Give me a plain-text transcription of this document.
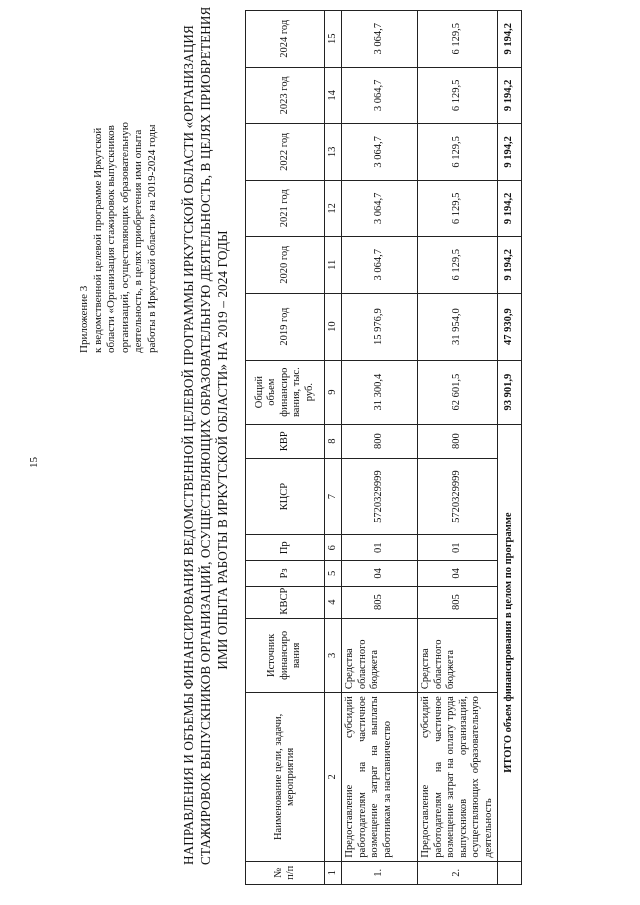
15
Приложение 3 к ведомственной целевой программе Иркутской области «Организация стажировок выпускников организаций, осуществляющих образовательную деятельность, в целях приобретения ими опыта работы в Иркутской области» на 2019-2024 годы НАПРАВЛЕНИЯ И ОБЪЕМЫ ФИНАНСИРОВАНИЯ ВЕДОМСТВЕННОЙ ЦЕЛЕВОЙ ПРОГРАММЫ ИРКУТСКОЙ ОБЛАСТИ «ОРГАНИЗАЦИЯ СТАЖИРОВОК ВЫПУСКНИКОВ ОРГАНИЗАЦИЙ, ОСУЩЕСТВЛЯЮЩИХ ОБРАЗОВАТЕЛЬНУЮ ДЕЯТЕЛЬНОСТЬ, В ЦЕЛЯХ ПРИОБРЕТЕНИЯ ИМИ ОПЫТА РАБОТЫ В ИРКУТСКОЙ ОБЛАСТИ» НА 2019 – 2024 ГОДЫ
№ п/п	Наименование цели, задачи, мероприятия	Источник финансиро вания	КВСР	Рз	Пр	КЦСР	КВР	Общий объем финансиро вания, тыс. руб.	2019 год	2020 год	2021 год	2022 год	2023 год	2024 год
1	2	3	4	5	6	7	8	9	10	11	12	13	14	15
1.	Предоставление субсидий работодателям на частичное возмещение затрат на выплаты работникам за наставничество	Средства областного бюджета	805	04	01	5720329999	800	31 300,4	15 976,9	3 064,7	3 064,7	3 064,7	3 064,7	3 064,7
2.	Предоставление субсидий работодателям на частичное возмещение затрат на оплату труда выпускников организаций, осуществляющих образовательную деятельность	Средства областного бюджета	805	04	01	5720329999	800	62 601,5	31 954,0	6 129,5	6 129,5	6 129,5	6 129,5	6 129,5
	ИТОГО объем финансирования в целом по программе							93 901,9	47 930,9	9 194,2	9 194,2	9 194,2	9 194,2	9 194,2
